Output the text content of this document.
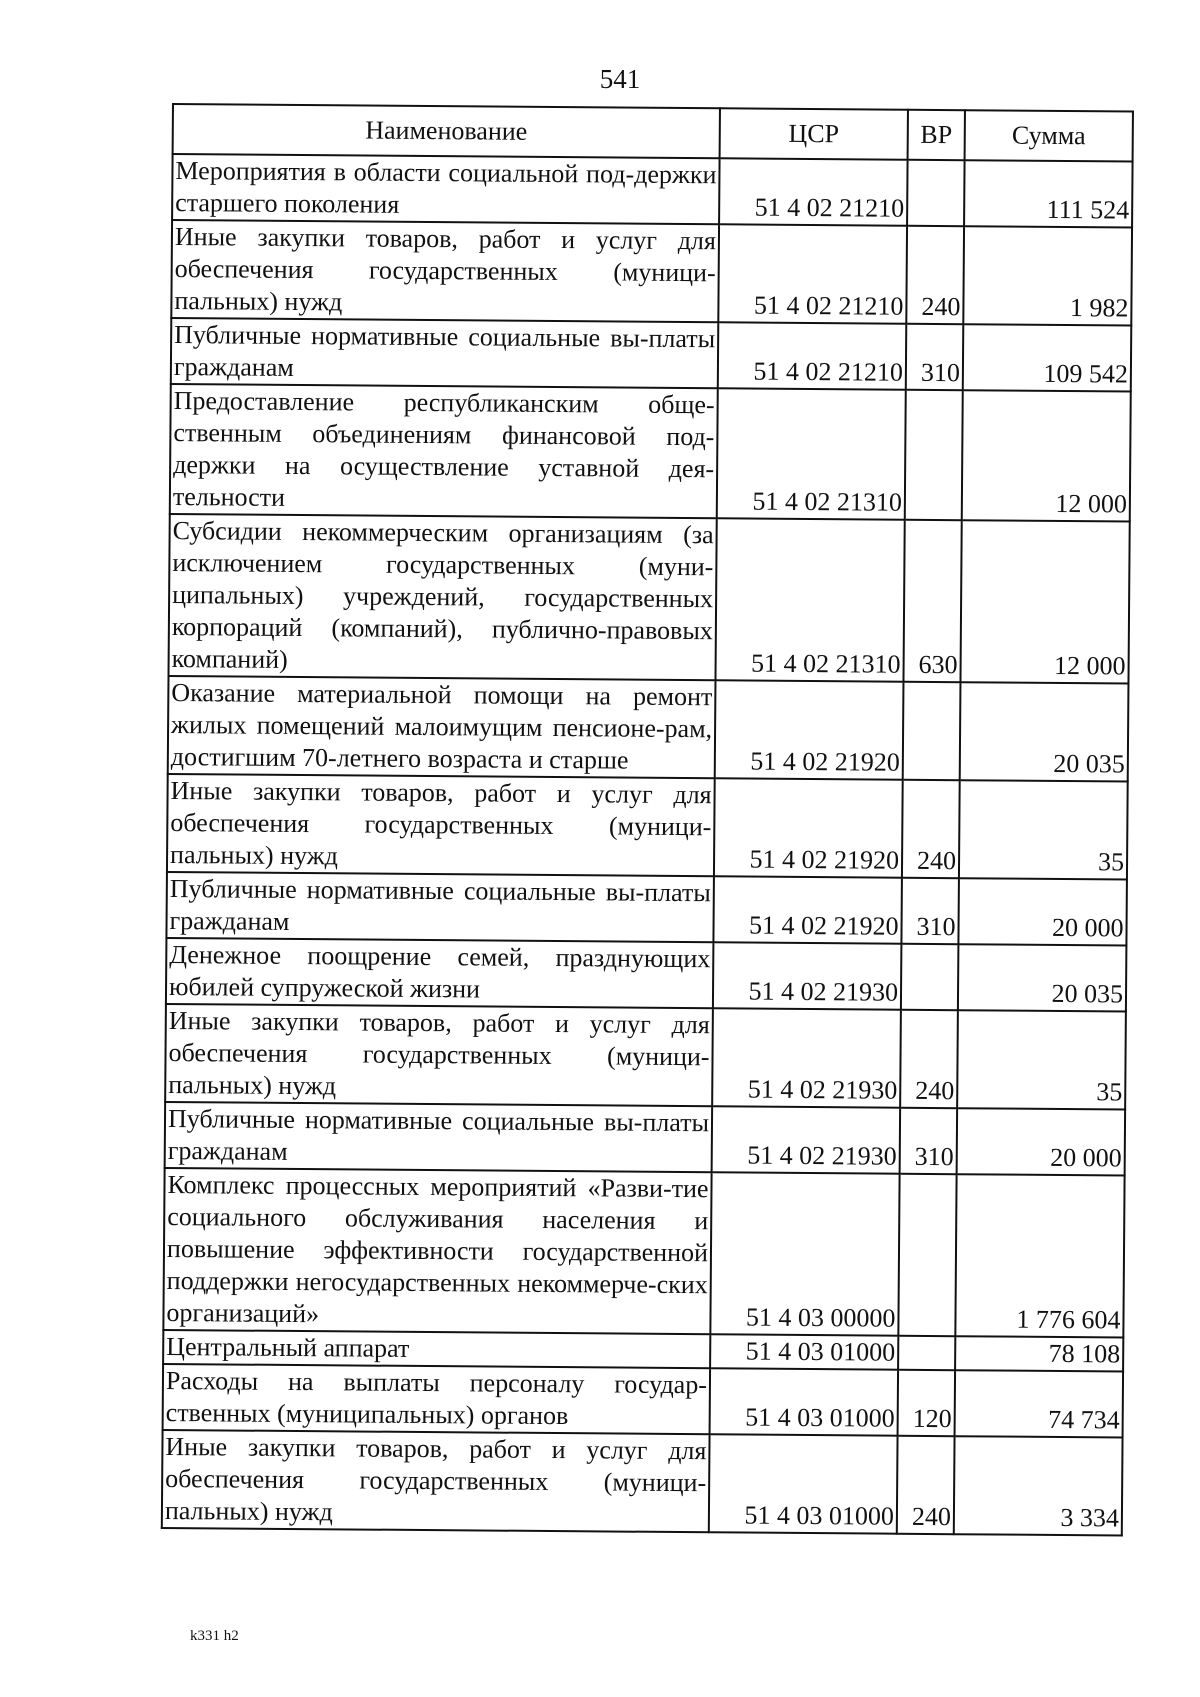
541
Наименование	ЦСР	ВР	Сумма
Мероприятия в области социальной под-держки старшего поколения	51 4 02 21210		111 524
Иные закупки товаров, работ и услуг для обеспечения государственных (муници-пальных) нужд	51 4 02 21210	240	1 982
Публичные нормативные социальные вы-платы гражданам	51 4 02 21210	310	109 542
Предоставление республиканским обще-ственным объединениям финансовой под-держки на осуществление уставной дея-тельности	51 4 02 21310		12 000
Субсидии некоммерческим организациям (за исключением государственных (муни-ципальных) учреждений, государственных корпораций (компаний), публично-правовых компаний)	51 4 02 21310	630	12 000
Оказание материальной помощи на ремонт жилых помещений малоимущим пенсионе-рам, достигшим 70-летнего возраста и старше	51 4 02 21920		20 035
Иные закупки товаров, работ и услуг для обеспечения государственных (муници-пальных) нужд	51 4 02 21920	240	35
Публичные нормативные социальные вы-платы гражданам	51 4 02 21920	310	20 000
Денежное поощрение семей, празднующих юбилей супружеской жизни	51 4 02 21930		20 035
Иные закупки товаров, работ и услуг для обеспечения государственных (муници-пальных) нужд	51 4 02 21930	240	35
Публичные нормативные социальные вы-платы гражданам	51 4 02 21930	310	20 000
Комплекс процессных мероприятий «Разви-тие социального обслуживания населения и повышение эффективности государственной поддержки негосударственных некоммерче-ских организаций»	51 4 03 00000		1 776 604
Центральный аппарат	51 4 03 01000		78 108
Расходы на выплаты персоналу государ-ственных (муниципальных) органов	51 4 03 01000	120	74 734
Иные закупки товаров, работ и услуг для обеспечения государственных (муници-пальных) нужд	51 4 03 01000	240	3 334
k331 h2
